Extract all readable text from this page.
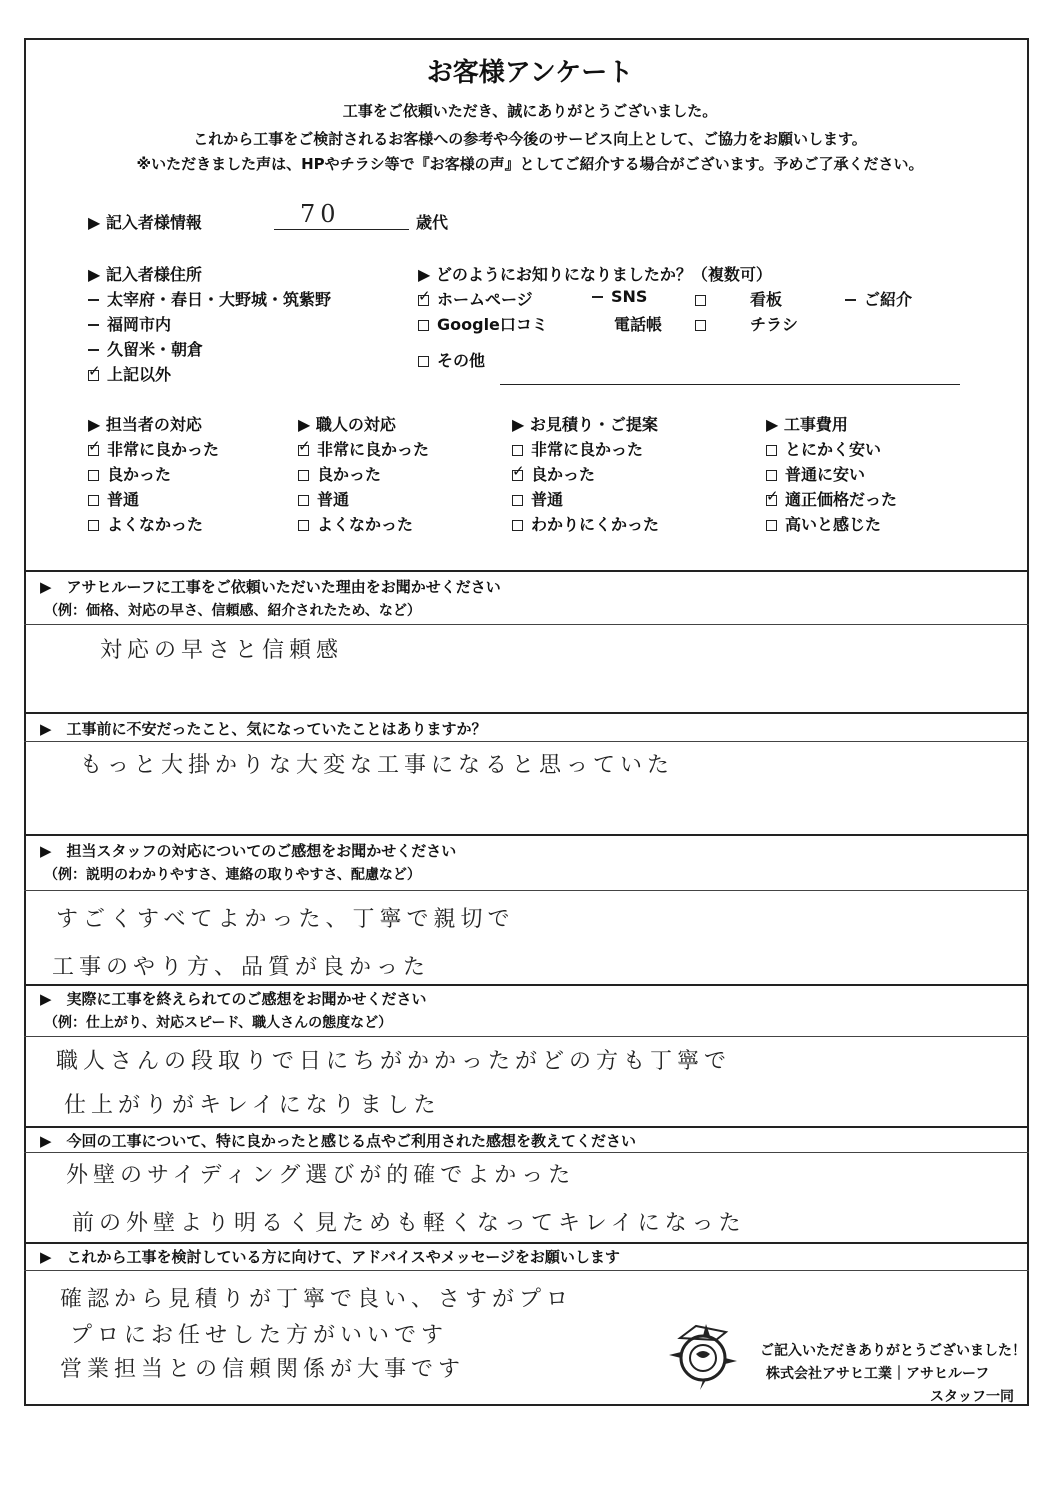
お客様アンケート
工事をご依頼いただき、誠にありがとうございました。
これから工事をご検討されるお客様への参考や今後のサービス向上として、ご協力をお願いします。
※いただきました声は、HPやチラシ等で『お客様の声』としてご紹介する場合がございます。予めご了承ください。
▶ 記入者様情報	70	歳代
▶ 記入者様住所
太宰府・春日・大野城・筑紫野
福岡市内
久留米・朝倉
✓上記以外
▶ どのようにお知りになりましたか？（複数可）
✓ホームページ	SNS	看板	ご紹介
Google口コミ	電話帳	チラシ
その他
▶ 担当者の対応
✓非常に良かった
良かった
普通
よくなかった
▶ 職人の対応
✓非常に良かった
良かった
普通
よくなかった
▶ お見積り・ご提案
非常に良かった
✓良かった
普通
わかりにくかった
▶ 工事費用
とにかく安い
普通に安い
✓適正価格だった
高いと感じた
▶　アサヒルーフに工事をご依頼いただいた理由をお聞かせください
（例：価格、対応の早さ、信頼感、紹介されたため、など）
対応の早さと信頼感
▶　工事前に不安だったこと、気になっていたことはありますか？
もっと大掛かりな大変な工事になると思っていた
▶　担当スタッフの対応についてのご感想をお聞かせください
（例：説明のわかりやすさ、連絡の取りやすさ、配慮など）
すごくすべてよかった、丁寧で親切で
工事のやり方、品質が良かった
▶　実際に工事を終えられてのご感想をお聞かせください
（例：仕上がり、対応スピード、職人さんの態度など）
職人さんの段取りで日にちがかかったがどの方も丁寧で
仕上がりがキレイになりました
▶　今回の工事について、特に良かったと感じる点やご利用された感想を教えてください
外壁のサイディング選びが的確でよかった
前の外壁より明るく見ためも軽くなってキレイになった
▶　これから工事を検討している方に向けて、アドバイスやメッセージをお願いします
確認から見積りが丁寧で良い、さすがプロ
プロにお任せした方がいいです
営業担当との信頼関係が大事です
ご記入いただきありがとうございました！
株式会社アサヒ工業｜アサヒルーフ
スタッフ一同
